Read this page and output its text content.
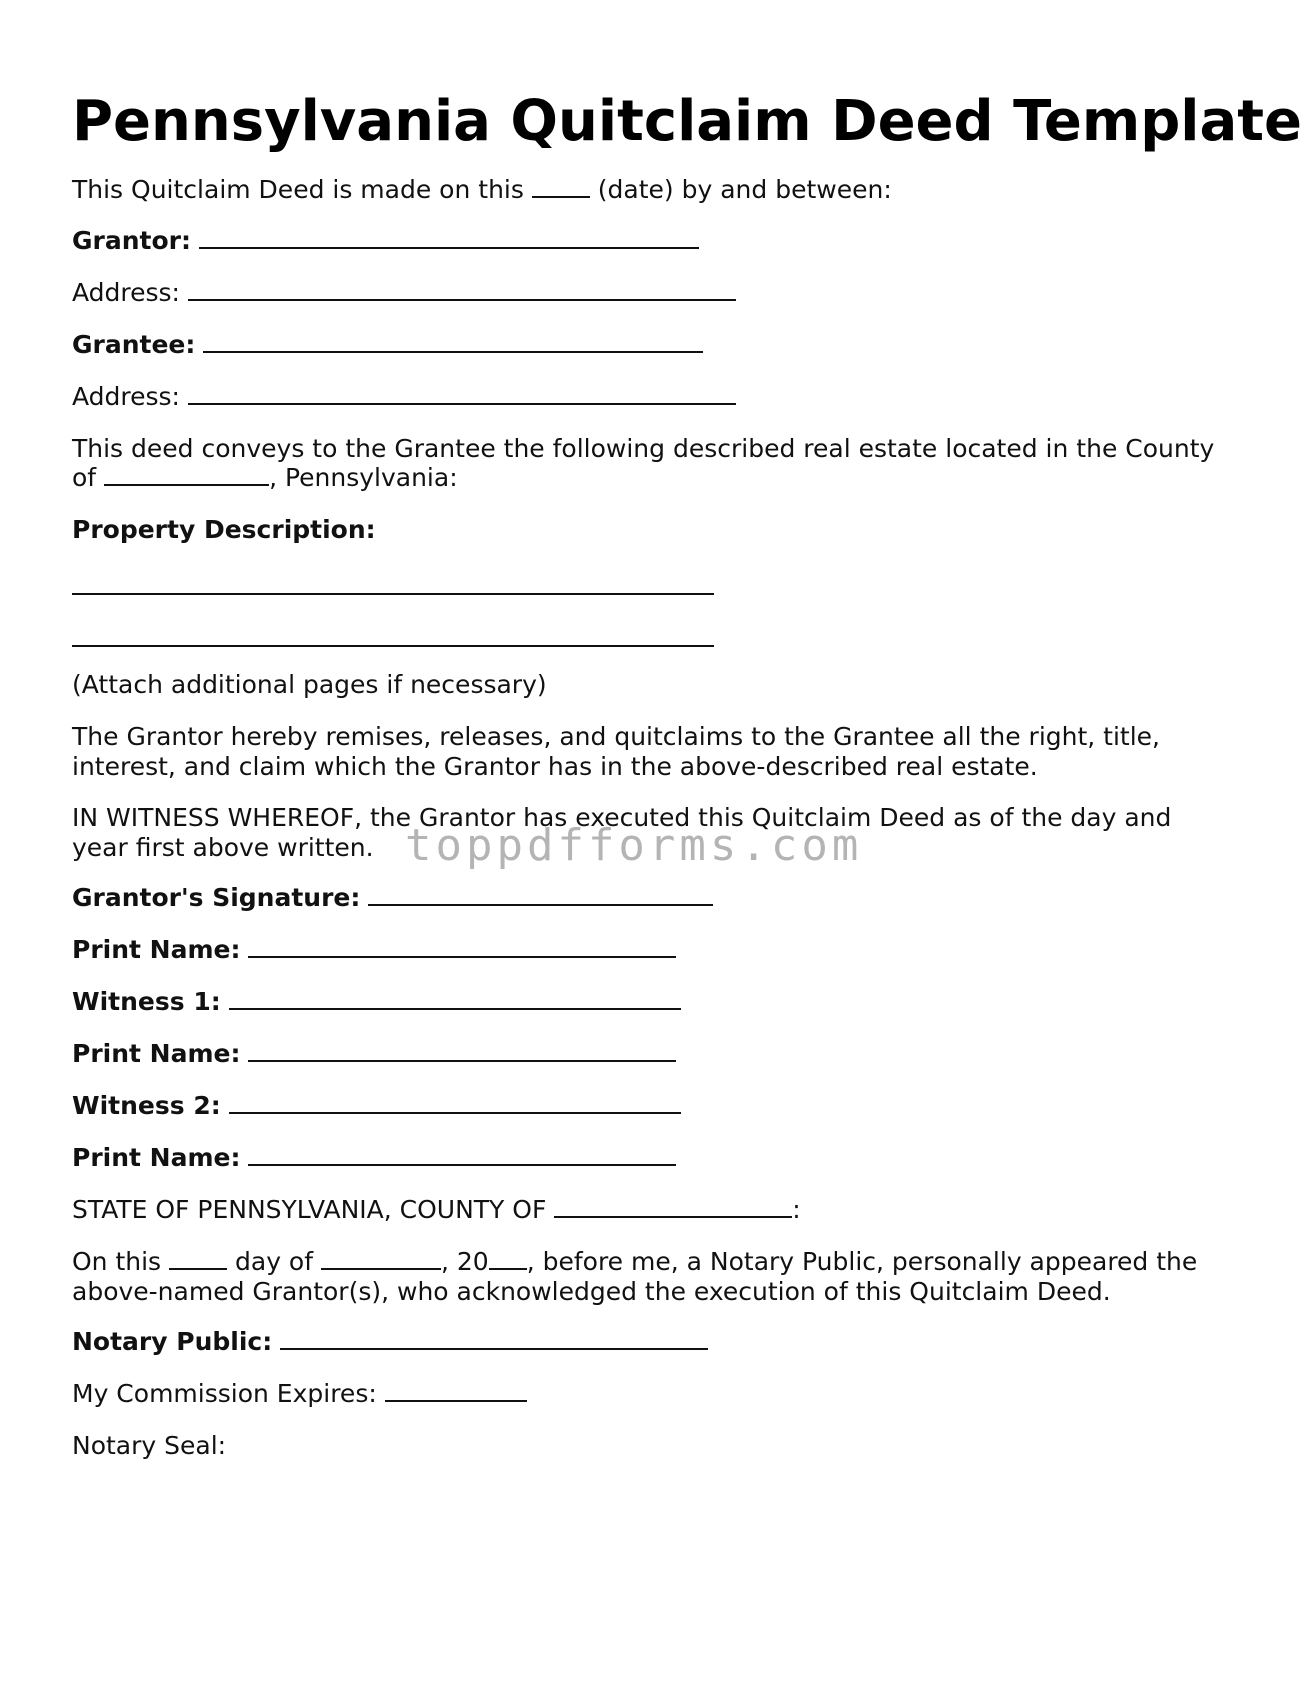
Pennsylvania Quitclaim Deed Template

This Quitclaim Deed is made on this	(date) by and between:

Grantor:

Address:

Grantee:

Address:

This deed conveys to the Grantee the following described real estate located in the County

of	, Pennsylvania:

Property Description:

(Attach additional pages if necessary)

The Grantor hereby remises, releases, and quitclaims to the Grantee all the right, title, interest, and claim which the Grantor has in the above-described real estate.

IN WITNESS WHEREOF, the Grantor has executed this Quitclaim Deed as of the day and year first above written.

Grantor's Signature:

Print Name:

Witness 1:

Print Name:

Witness 2:

Print Name:

STATE OF PENNSYLVANIA, COUNTY OF	:

On this	day of	, 20 , before me, a Notary Public, personally appeared the above-named Grantor(s), who acknowledged the execution of this Quitclaim Deed.

Notary Public:

My Commission Expires:

Notary Seal:

toppdfforms.com
